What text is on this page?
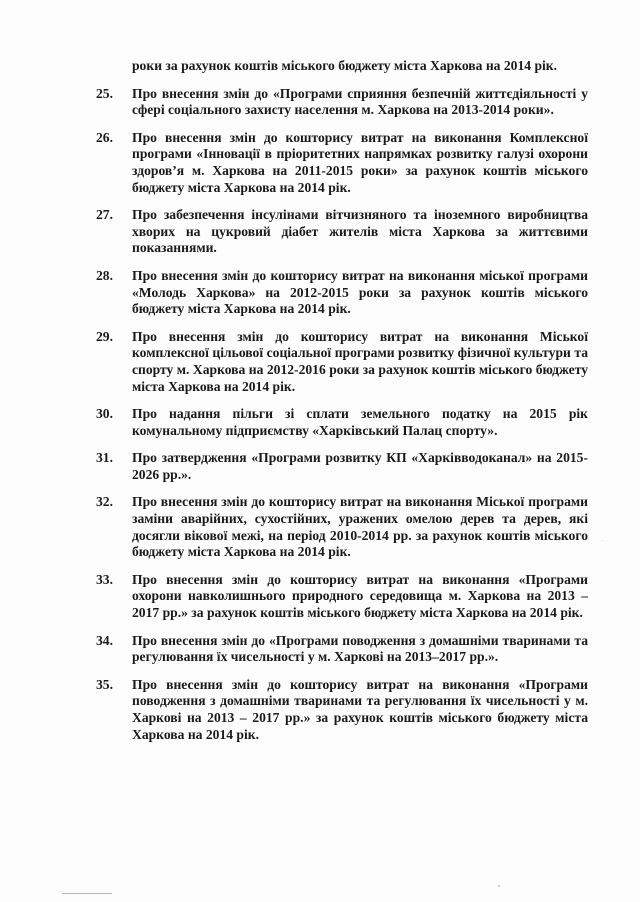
роки за рахунок коштів міського бюджету міста Харкова на 2014 рік.
25.	Про внесення змін до «Програми сприяння безпечній життєдіяльності у сфері соціального захисту населення м. Харкова на 2013-2014 роки».
26.	Про внесення змін до кошторису витрат на виконання Комплексної програми «Інновації в пріоритетних напрямках розвитку галузі охорони здоров’я м. Харкова на 2011-2015 роки» за рахунок коштів міського бюджету міста Харкова на 2014 рік.
27.	Про забезпечення інсулінами вітчизняного та іноземного виробництва хворих на цукровий діабет жителів міста Харкова за життєвими показаннями.
28.	Про внесення змін до кошторису витрат на виконання міської програми «Молодь Харкова» на 2012-2015 роки за рахунок коштів міського бюджету міста Харкова на 2014 рік.
29.	Про внесення змін до кошторису витрат на виконання Міської комплексної цільової соціальної програми розвитку фізичної культури та спорту м. Харкова на 2012-2016 роки за рахунок коштів міського бюджету міста Харкова на 2014 рік.
30.	Про надання пільги зі сплати земельного податку на 2015 рік комунальному підприємству «Харківський Палац спорту».
31.	Про затвердження «Програми розвитку КП «Харківводоканал» на 2015-2026 рр.».
32.	Про внесення змін до кошторису витрат на виконання Міської програми заміни аварійних, сухостійних, уражених омелою дерев та дерев, які досягли вікової межі, на період 2010-2014 рр. за рахунок коштів міського бюджету міста Харкова на 2014 рік.
33.	Про внесення змін до кошторису витрат на виконання «Програми охорони навколишнього природного середовища м. Харкова на 2013 –2017 рр.» за рахунок коштів міського бюджету міста Харкова на 2014 рік.
34.	Про внесення змін до «Програми поводження з домашніми тваринами та регулювання їх чисельності у м. Харкові на 2013–2017 рр.».
35.	Про внесення змін до кошторису витрат на виконання «Програми поводження з домашніми тваринами та регулювання їх чисельності у м. Харкові на 2013 – 2017 рр.» за рахунок коштів міського бюджету міста Харкова на 2014 рік.
